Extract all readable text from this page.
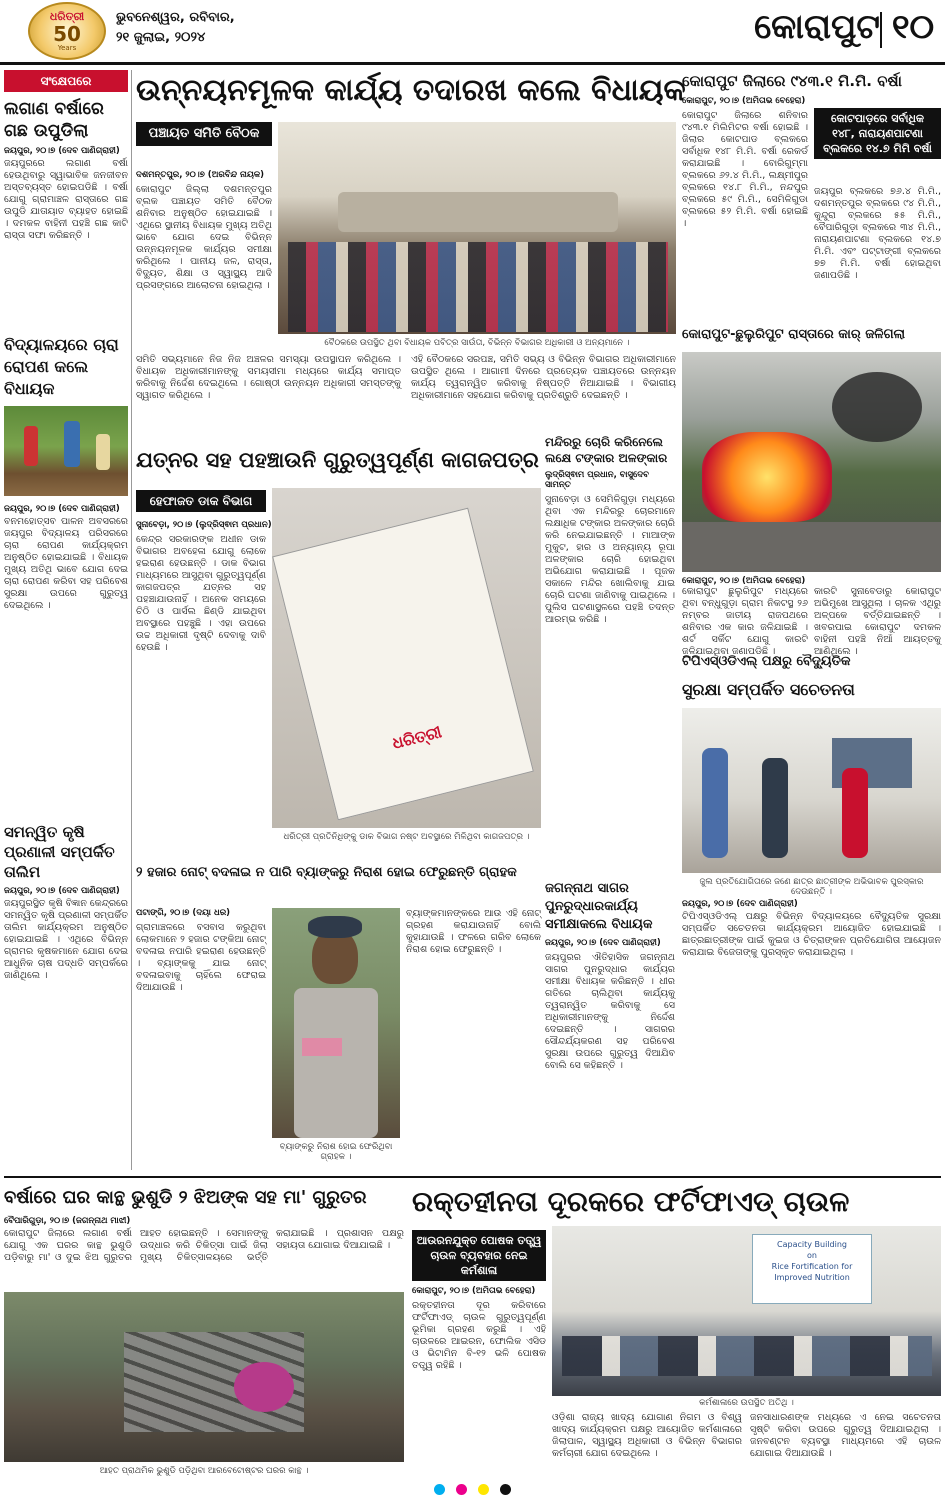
ଧରିତ୍ରୀ
50
Years
ଭୁବନେଶ୍ୱର, ରବିବାର,
୨୧ ଜୁଲାଇ, ୨୦୨୪	କୋରାପୁଟ ୧୦
ସଂକ୍ଷେପରେ
ଲଗାଣ ବର୍ଷାରେ ଗଛ ଉପୁଡିଲା
ଜୟପୁର, ୨୦।୭ (ଦେବ ପାଣିଗ୍ରାହୀ)
ଜୟପୁରରେ ଲଗାଣ ବର୍ଷା ହେଉଥିବାରୁ ସ୍ୱାଭାବିକ ଜନଜୀବନ ଅସ୍ତବ୍ୟସ୍ତ ହୋଇପଡିଛି । ବର୍ଷା ଯୋଗୁ ଗ୍ରାମାଞ୍ଚଳ ରାସ୍ତାରେ ଗଛ ଉପୁଡି ଯାତାୟାତ ବ୍ୟାହତ ହୋଇଛି । ଦମକଳ ବାହିନୀ ପହଞ୍ଚି ଗଛ କାଟି ରାସ୍ତା ସଫା କରିଛନ୍ତି ।
ବିଦ୍ୟାଳୟରେ ଚାରା ରୋପଣ କଲେ ବିଧାୟକ
ଜୟପୁର, ୨୦।୭ (ଦେବ ପାଣିଗ୍ରାହୀ)
ବନମହୋତ୍ସବ ପାଳନ ଅବସରରେ ଜୟପୁର ବିଦ୍ୟାଳୟ ପରିସରରେ ଚାରା ରୋପଣ କାର୍ଯ୍ୟକ୍ରମ ଅନୁଷ୍ଠିତ ହୋଇଯାଇଛି । ବିଧାୟକ ମୁଖ୍ୟ ଅତିଥି ଭାବେ ଯୋଗ ଦେଇ ଚାରା ରୋପଣ କରିବା ସହ ପରିବେଶ ସୁରକ୍ଷା ଉପରେ ଗୁରୁତ୍ୱ ଦେଇଥିଲେ ।
ସମନ୍ୱିତ କୃଷି ପ୍ରଣାଳୀ ସମ୍ପର୍କିତ ତାଲିମ
ଜୟପୁର, ୨୦।୭ (ଦେବ ପାଣିଗ୍ରାହୀ)
ଜୟପୁରସ୍ଥିତ କୃଷି ବିଜ୍ଞାନ କେନ୍ଦ୍ରରେ ସମନ୍ୱିତ କୃଷି ପ୍ରଣାଳୀ ସମ୍ପର୍କିତ ତାଲିମ କାର୍ଯ୍ୟକ୍ରମ ଅନୁଷ୍ଠିତ ହୋଇଯାଇଛି । ଏଥିରେ ବିଭିନ୍ନ ଗ୍ରାମର କୃଷକମାନେ ଯୋଗ ଦେଇ ଆଧୁନିକ ଚାଷ ପଦ୍ଧତି ସମ୍ପର୍କରେ ଜାଣିଥିଲେ ।
ଉନ୍ନୟନମୂଳକ କାର୍ଯ୍ୟ ତଦାରଖ କଲେ ବିଧାୟକ
ପଞ୍ଚାୟତ ସମିତି ବୈଠକ
ଦଶମନ୍ତପୁର, ୨୦।୭ (ଅରବିନ୍ଦ ନାୟକ)
କୋରାପୁଟ ଜିଲ୍ଲା ଦଶମନ୍ତପୁର ବ୍ଲକ ପଞ୍ଚାୟତ ସମିତି ବୈଠକ ଶନିବାର ଅନୁଷ୍ଠିତ ହୋଇଯାଇଛି । ଏଥିରେ ସ୍ଥାନୀୟ ବିଧାୟକ ମୁଖ୍ୟ ଅତିଥି ଭାବେ ଯୋଗ ଦେଇ ବିଭିନ୍ନ ଉନ୍ନୟନମୂଳକ କାର୍ଯ୍ୟର ସମୀକ୍ଷା କରିଥିଲେ । ପାନୀୟ ଜଳ, ରାସ୍ତା, ବିଦ୍ୟୁତ, ଶିକ୍ଷା ଓ ସ୍ୱାସ୍ଥ୍ୟ ଆଦି ପ୍ରସଙ୍ଗରେ ଆଲୋଚନା ହୋଇଥିଲା ।
ବୈଠକରେ ଉପସ୍ଥିତ ଥିବା ବିଧାୟକ ପବିତ୍ର ସାଉଁତା, ବିଭିନ୍ନ ବିଭାଗର ଅଧିକାରୀ ଓ ଅନ୍ୟମାନେ ।
ସମିତି ସଭ୍ୟମାନେ ନିଜ ନିଜ ଅଞ୍ଚଳର ସମସ୍ୟା ଉପସ୍ଥାପନ କରିଥିଲେ । ବିଧାୟକ ଅଧିକାରୀମାନଙ୍କୁ ସମୟସୀମା ମଧ୍ୟରେ କାର୍ଯ୍ୟ ସମାପ୍ତ କରିବାକୁ ନିର୍ଦ୍ଦେଶ ଦେଇଥିଲେ । ଗୋଷ୍ଠୀ ଉନ୍ନୟନ ଅଧିକାରୀ ସମସ୍ତଙ୍କୁ ସ୍ୱାଗତ କରିଥିଲେ ।
ଏହି ବୈଠକରେ ସରପଞ୍ଚ, ସମିତି ସଭ୍ୟ ଓ ବିଭିନ୍ନ ବିଭାଗର ଅଧିକାରୀମାନେ ଉପସ୍ଥିତ ଥିଲେ । ଆଗାମୀ ଦିନରେ ପ୍ରତ୍ୟେକ ପଞ୍ଚାୟତରେ ଉନ୍ନୟନ କାର୍ଯ୍ୟ ତ୍ୱରାନ୍ୱିତ କରିବାକୁ ନିଷ୍ପତ୍ତି ନିଆଯାଇଛି । ବିଭାଗୀୟ ଅଧିକାରୀମାନେ ସହଯୋଗ କରିବାକୁ ପ୍ରତିଶ୍ରୁତି ଦେଇଛନ୍ତି ।
କୋରାପୁଟ ଜିଲାରେ ୯୪୩.୧ ମି.ମି. ବର୍ଷା
କୋରାପୁଟ, ୨୦।୭ (ଅମିତାଭ ବେହେରା)
କୋରାପୁଟ ଜିଲାରେ ଶନିବାର ୯୪୩.୧ ମିଲିମିଟର ବର୍ଷା ହୋଇଛି । ଜିଲାର କୋଟପାଡ ବ୍ଲକରେ ସର୍ବାଧିକ ୧୪୮ ମି.ମି. ବର୍ଷା ରେକର୍ଡ କରାଯାଇଛି । ବୋରିଗୁମ୍ମା ବ୍ଲକରେ ୬୨.୪ ମି.ମି., ଲକ୍ଷ୍ମୀପୁର ବ୍ଲକରେ ୧୪.୮ ମି.ମି., ନନ୍ଦପୁର ବ୍ଲକରେ ୫୯ ମି.ମି., ସେମିଳିଗୁଡା ବ୍ଲକରେ ୫୨ ମି.ମି. ବର୍ଷା ହୋଇଛି ।
କୋଟପାଡ଼ରେ ସର୍ବାଧିକ ୧୪୮, ନାରାୟଣପାଟଣା ବ୍ଲକରେ ୧୪.୭ ମିମି ବର୍ଷା
ଜୟପୁର ବ୍ଲକରେ ୭୬.୪ ମି.ମି., ଦଶମନ୍ତପୁର ବ୍ଲକରେ ୯୪ ମି.ମି., କୁନ୍ଦୁରା ବ୍ଲକରେ ୫୫ ମି.ମି., ବୈପାରିଗୁଡ଼ା ବ୍ଲକରେ ୩୪ ମି.ମି., ନାରାୟଣପାଟଣା ବ୍ଲକରେ ୧୪.୭ ମି.ମି. ଏବଂ ପଟ୍ଟାଙ୍ଗୀ ବ୍ଲକରେ ୭୭ ମି.ମି. ବର୍ଷା ହୋଇଥିବା ଜଣାପଡିଛି ।
କୋରାପୁଟ-ଛୁଲୁରିପୁଟ ରାସ୍ତାରେ କାର୍ ଜଳିଗଲା
କୋରାପୁଟ, ୨୦।୭ (ଅମିତାଭ ବେହେରା)
କୋରାପୁଟ ଛୁଲୁରିପୁଟ ମଧ୍ୟରେ ଥିବା ବନ୍ଧୁଗୁଡ଼ା ଗ୍ରାମ ନିକଟସ୍ଥ ୨୬ ନମ୍ବର ଜାତୀୟ ରାଜପଥରେ ଶନିବାର ଏକ କାର ଜଳିଯାଇଛି । ଶର୍ଟ ସର୍କିଟ ଯୋଗୁ କାରଟି ଜଳିଯାଇଥିବା ଜଣାପଡିଛି ।
କାରଟି ସୁନାବେଡାରୁ କୋରାପୁଟ ଅଭିମୁଖେ ଆସୁଥିଲା । ଚାଳକ ଏଥିରୁ ଅଳ୍ପକେ ବର୍ତ୍ତିଯାଇଛନ୍ତି । ଖବରପାଇ କୋରାପୁଟ ଦମକଳ ବାହିନୀ ପହଞ୍ଚି ନିଆଁ ଆୟତ୍ତକୁ ଆଣିଥିଲେ ।
ଯତ୍ନର ସହ ପହଞ୍ଚାଉନି ଗୁରୁତ୍ୱପୂର୍ଣ୍ଣ କାଗଜପତ୍ର
ହେଫାଜତ ଡାକ ବିଭାଗ
ସୁନାବେଡ଼ା, ୨୦।୭ (ଲୁଦ୍ରିସ୍ଵାମ ପ୍ରଧାନ)
କେନ୍ଦ୍ର ସରକାରଙ୍କ ଅଧୀନ ଡାକ ବିଭାଗର ଅବହେଳା ଯୋଗୁ ଲୋକେ ହଇରାଣ ହେଉଛନ୍ତି । ଡାକ ବିଭାଗ ମାଧ୍ୟମରେ ଆସୁଥିବା ଗୁରୁତ୍ୱପୂର୍ଣ୍ଣ କାଗଜପତ୍ର ଯତ୍ନର ସହ ପହଞ୍ଚାଯାଉନାହିଁ । ଅନେକ ସମୟରେ ଚିଠି ଓ ପାର୍ସଲ ଛିଣ୍ଡି ଯାଇଥିବା ଅବସ୍ଥାରେ ପହଞ୍ଚୁଛି । ଏହା ଉପରେ ଉଚ୍ଚ ଅଧିକାରୀ ଦୃଷ୍ଟି ଦେବାକୁ ଦାବି ହେଉଛି ।
ଧରିତ୍ରୀ
ଧରିତ୍ରୀ ପ୍ରତିନିଧିଙ୍କୁ ଡାକ ବିଭାଗ ନଷ୍ଟ ଅବସ୍ଥାରେ ମିଳିଥିବା କାଗଜପତ୍ର ।
ମନ୍ଦିରରୁ ଚୋରି କରିନେଲେ ଲକ୍ଷେ ଟଙ୍କାର ଅଳଙ୍କାର
ଲୁଦ୍ରିସ୍ଵାମ ପ୍ରଧାନ, ବାସୁଦେବ ସାମନ୍ତ
ସୁନାବେଡ଼ା ଓ ସେମିଳିଗୁଡ଼ା ମଧ୍ୟରେ ଥିବା ଏକ ମନ୍ଦିରରୁ ଚୋରମାନେ ଲକ୍ଷାଧିକ ଟଙ୍କାର ଅଳଙ୍କାର ଚୋରି କରି ନେଇଯାଇଛନ୍ତି । ମାଆଙ୍କ ମୁକୁଟ, ହାର ଓ ଅନ୍ୟାନ୍ୟ ରୂପା ଅଳଙ୍କାର ଚୋରି ହୋଇଥିବା ଅଭିଯୋଗ କରାଯାଇଛି । ପୂଜକ ସକାଳେ ମନ୍ଦିର ଖୋଲିବାକୁ ଯାଇ ଚୋରି ଘଟଣା ଜାଣିବାକୁ ପାଇଥିଲେ । ପୁଲିସ ଘଟଣାସ୍ଥଳରେ ପହଞ୍ଚି ତଦନ୍ତ ଆରମ୍ଭ କରିଛି ।
ଟିପିଏସ୍‌ଓଡିଏଲ୍ ପକ୍ଷରୁ ବୈଦ୍ୟୁତିକ
ସୁରକ୍ଷା ସମ୍ପର୍କିତ ସଚେତନତା
ଜୁଲ ପ୍ରତିଯୋଗିତାରେ ଜଣେ ଛାତ୍ର ଛାତ୍ରୀଙ୍କ ଅଭିଭାବକ ପୁରସ୍କାର ଦେଉଛନ୍ତି ।
ଜୟପୁର, ୨୦।୭ (ଦେବ ପାଣିଗ୍ରାହୀ)
ଟିପିଏସ୍‌ଓଡିଏଲ୍ ପକ୍ଷରୁ ବିଭିନ୍ନ ବିଦ୍ୟାଳୟରେ ବୈଦ୍ୟୁତିକ ସୁରକ୍ଷା ସମ୍ପର୍କିତ ସଚେତନତା କାର୍ଯ୍ୟକ୍ରମ ଆୟୋଜିତ ହୋଇଯାଇଛି । ଛାତ୍ରଛାତ୍ରୀଙ୍କ ପାଇଁ କୁଇଜ ଓ ଚିତ୍ରାଙ୍କନ ପ୍ରତିଯୋଗିତା ଆୟୋଜନ କରାଯାଇ ବିଜେତାଙ୍କୁ ପୁରସ୍କୃତ କରାଯାଇଥିଲା ।
୨ ହଜାର ନୋଟ୍ ବଦଳାଇ ନ ପାରି ବ୍ୟାଙ୍କରୁ ନିରାଶ ହୋଇ ଫେରୁଛନ୍ତି ଗ୍ରାହକ
ପଟାଙ୍ଗି, ୨୦।୭ (ଦୟା ଧର)
ଗ୍ରାମାଞ୍ଚଳରେ ବସବାସ କରୁଥିବା ଲୋକମାନେ ୨ ହଜାର ଟଙ୍କିଆ ନୋଟ୍ ବଦଳାଇ ନପାରି ହଇରାଣ ହେଉଛନ୍ତି । ବ୍ୟାଙ୍କକୁ ଯାଇ ନୋଟ୍ ବଦଳାଇବାକୁ ଚାହିଁଲେ ଫେରାଇ ଦିଆଯାଉଛି ।
ବ୍ୟାଙ୍କରୁ ନିରାଶ ହୋଇ ଫେରିଥିବା ଗ୍ରାହକ ।
ବ୍ୟାଙ୍କମାନଙ୍କରେ ଆଉ ଏହି ନୋଟ୍ ଗ୍ରହଣ କରାଯାଉନାହିଁ ବୋଲି କୁହାଯାଉଛି । ଫଳରେ ଗରିବ ଲୋକେ ନିରାଶ ହୋଇ ଫେରୁଛନ୍ତି ।
ଜଗନ୍ନାଥ ସାଗର ପୁନରୁଦ୍ଧାରକାର୍ଯ୍ୟ ସମୀକ୍ଷାକଲେ ବିଧାୟକ
ଜୟପୁର, ୨୦।୭ (ଦେବ ପାଣିଗ୍ରାହୀ)
ଜୟପୁରର ଐତିହାସିକ ଜଗନ୍ନାଥ ସାଗର ପୁନରୁଦ୍ଧାର କାର୍ଯ୍ୟର ସମୀକ୍ଷା ବିଧାୟକ କରିଛନ୍ତି । ଧୀର ଗତିରେ ଚାଲିଥିବା କାର୍ଯ୍ୟକୁ ତ୍ୱରାନ୍ୱିତ କରିବାକୁ ସେ ଅଧିକାରୀମାନଙ୍କୁ ନିର୍ଦ୍ଦେଶ ଦେଇଛନ୍ତି । ସାଗରର ସୌନ୍ଦର୍ଯ୍ୟକରଣ ସହ ପରିବେଶ ସୁରକ୍ଷା ଉପରେ ଗୁରୁତ୍ୱ ଦିଆଯିବ ବୋଲି ସେ କହିଛନ୍ତି ।
ବର୍ଷାରେ ଘର କାନ୍ଥ ଭୁଶୁଡି ୨ ଝିଅଙ୍କ ସହ ମା' ଗୁରୁତର
ବୈପାରିଗୁଡ଼ା, ୨୦।୭ (ଜଗନ୍ନାଥ ମାଝୀ)
କୋରାପୁଟ ଜିଲାରେ ଲଗାଣ ବର୍ଷା ଯୋଗୁ ଏକ ଘରର କାନ୍ଥ ଭୁଶୁଡି ପଡ଼ିବାରୁ ମା' ଓ ଦୁଇ ଝିଅ ଗୁରୁତର ଆହତ ହୋଇଛନ୍ତି । ସେମାନଙ୍କୁ ଉଦ୍ଧାର କରି ଚିକିତ୍ସା ପାଇଁ ଜିଲା ମୁଖ୍ୟ ଚିକିତ୍ସାଳୟରେ ଭର୍ତ୍ତି କରାଯାଇଛି । ପ୍ରଶାସନ ପକ୍ଷରୁ ସହାୟତା ଯୋଗାଇ ଦିଆଯାଇଛି ।
ଆହତ ପ୍ରାଥମିକ ଭୁଶୁଡି ପଡ଼ିଥିବା ଆରବେଟୋଷ୍ଟର ଘରର କାନ୍ଥ ।
ରକ୍ତହୀନତା ଦୂରକରେ ଫର୍ଟିଫାଏଡ୍ ଚାଉଳ
ଆଉରନଯୁକ୍ତ ପୋଷକ ତତ୍ତ୍ୱ ଚାଉଳ ବ୍ୟବହାର ନେଇ କର୍ମଶାଳା
କୋରାପୁଟ, ୨୦।୭ (ଅମିତାଭ ବେହେରା)
ରକ୍ତହୀନତା ଦୂର କରିବାରେ ଫର୍ଟିଫାଏଡ୍ ଚାଉଳ ଗୁରୁତ୍ୱପୂର୍ଣ୍ଣ ଭୂମିକା ଗ୍ରହଣ କରୁଛି । ଏହି ଚାଉଳରେ ଆଇରନ, ଫୋଲିକ ଏସିଡ ଓ ଭିଟାମିନ ବି-୧୨ ଭଳି ପୋଷକ ତତ୍ତ୍ୱ ରହିଛି ।
Capacity Building
on
Rice Fortification for
Improved Nutrition
କର୍ମଶାଳାରେ ଉପସ୍ଥିତ ଅତିଥି ।
ଓଡ଼ିଶା ରାଜ୍ୟ ଖାଦ୍ୟ ଯୋଗାଣ ନିଗମ ଓ ବିଶ୍ୱ ଖାଦ୍ୟ କାର୍ଯ୍ୟକ୍ରମ ପକ୍ଷରୁ ଆୟୋଜିତ କର୍ମଶାଳାରେ ଜିଲାପାଳ, ସ୍ୱାସ୍ଥ୍ୟ ଅଧିକାରୀ ଓ ବିଭିନ୍ନ ବିଭାଗର କର୍ମଚାରୀ ଯୋଗ ଦେଇଥିଲେ ।
ଜନସାଧାରଣଙ୍କ ମଧ୍ୟରେ ଏ ନେଇ ସଚେତନତା ସୃଷ୍ଟି କରିବା ଉପରେ ଗୁରୁତ୍ୱ ଦିଆଯାଇଥିଲା । ଜନବଣ୍ଟନ ବ୍ୟବସ୍ଥା ମାଧ୍ୟମରେ ଏହି ଚାଉଳ ଯୋଗାଇ ଦିଆଯାଉଛି ।
